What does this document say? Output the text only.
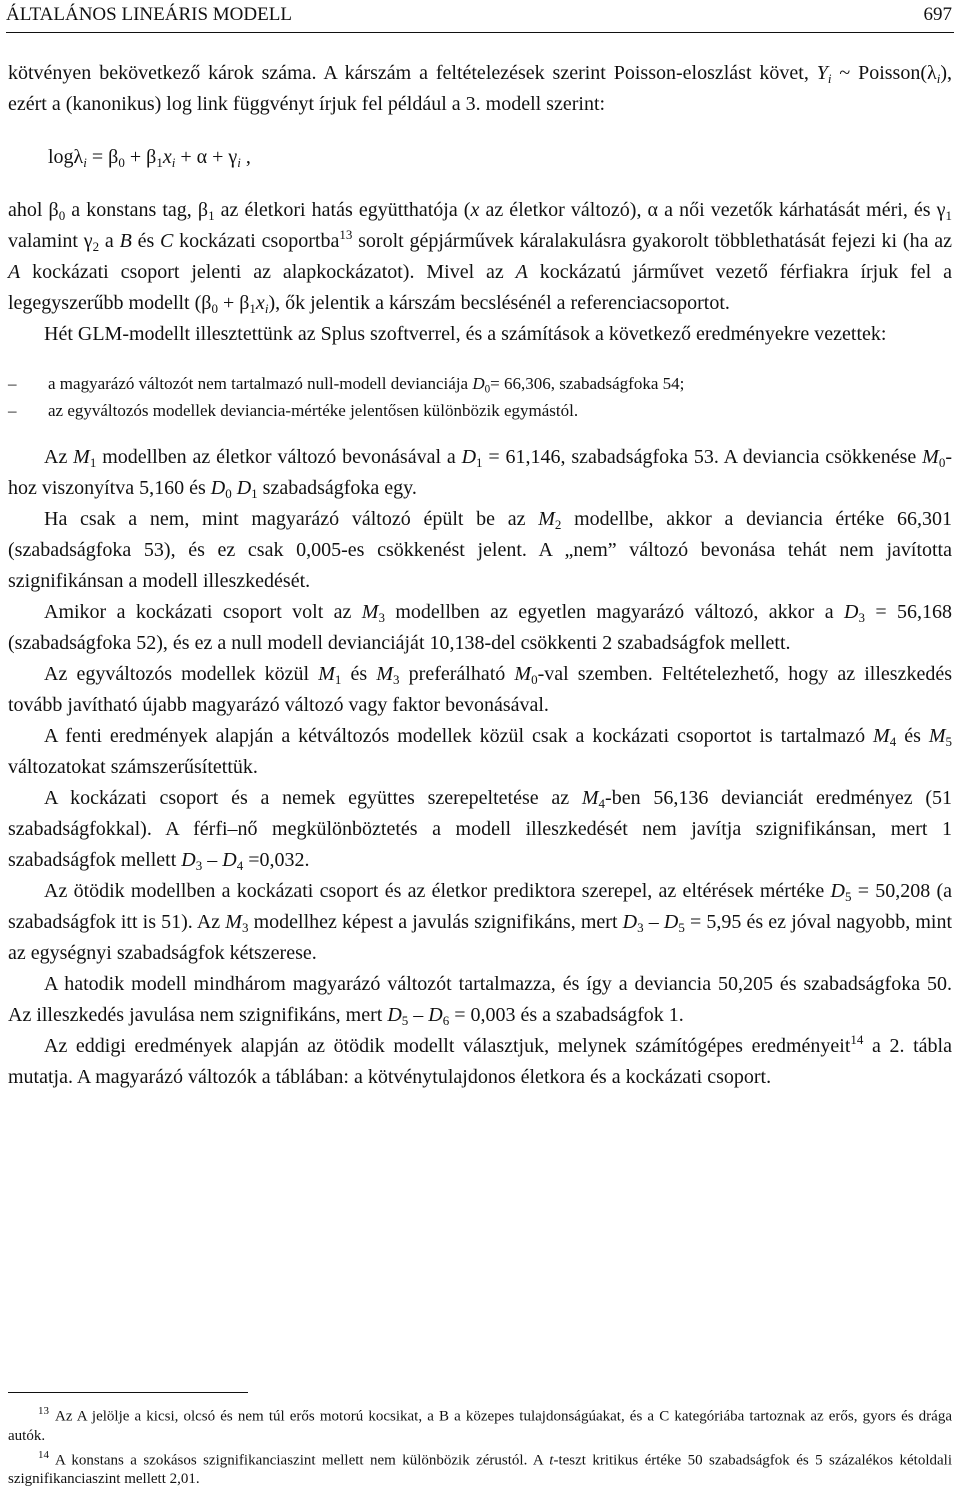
ÁLTALÁNOS LINEÁRIS MODELL	697

kötvényen bekövetkező károk száma. A kárszám a feltételezések szerint Poisson-eloszlást követ, $Y_i$ ~ $Poisson(\lambda_i)$, ezért a (kanonikus) log link függvényt írjuk fel például a 3. modell szerint:

$\log\lambda_i = \beta_0 + \beta_1x_i + \alpha + \gamma_i$ ,

ahol $\beta_0$ a konstans tag, $\beta_1$ az életkori hatás együtthatója (x az életkor változó), α a női vezetők kárhatását méri, és $\gamma_1$ valamint $\gamma_2$ a B és C kockázati csoportba$^{13}$ sorolt gépjárművek káralakulásra gyakorolt többlethatását fejezi ki (ha az A kockázati csoport jelenti az alapkockázatot). Mivel az A kockázatú járművet vezető férfiakra írjuk fel a legegyszerűbb modellt $(\beta_0 + \beta_1x_i)$, ők jelentik a kárszám becslésénél a referenciacsoportot.

Hét GLM-modellt illesztettünk az Splus szoftverrel, és a számítások a következő eredményekre vezettek:

– a magyarázó változót nem tartalmazó null-modell devianciája $D_0= 66,306$, szabadságfoka 54;
– az egyváltozós modellek deviancia-mértéke jelentősen különbözik egymástól.

Az $M_1$ modellben az életkor változó bevonásával a $D_1 = 61,146$, szabadságfoka 53. A deviancia csökkenése $M_0$-hoz viszonyítva 5,160 és $D_0$ $D_1$ szabadságfoka egy.

Ha csak a nem, mint magyarázó változó épült be az $M_2$ modellbe, akkor a deviancia értéke 66,301 (szabadságfoka 53), és ez csak 0,005-es csökkenést jelent. A „nem” változó bevonása tehát nem javította szignifikánsan a modell illeszkedését.

Amikor a kockázati csoport volt az $M_3$ modellben az egyetlen magyarázó változó, akkor a $D_3 = 56,168$ (szabadságfoka 52), és ez a null modell devianciáját 10,138-del csökkenti 2 szabadságfok mellett.

Az egyváltozós modellek közül $M_1$ és $M_3$ preferálható $M_0$-val szemben. Feltételezhető, hogy az illeszkedés tovább javítható újabb magyarázó változó vagy faktor bevonásával.

A fenti eredmények alapján a kétváltozós modellek közül csak a kockázati csoportot is tartalmazó $M_4$ és $M_5$ változatokat számszerűsítettük.

A kockázati csoport és a nemek együttes szerepeltetése az $M_4$-ben 56,136 devianciát eredményez (51 szabadságfokkal). A férfi–nő megkülönböztetés a modell illeszkedését nem javítja szignifikánsan, mert 1 szabadságfok mellett $D_3 - D_4 =0,032$.

Az ötödik modellben a kockázati csoport és az életkor prediktora szerepel, az eltérések mértéke $D_5 = 50,208$ (a szabadságfok itt is 51). Az $M_3$ modellhez képest a javulás szignifikáns, mert $D_3 - D_5 = 5,95$ és ez jóval nagyobb, mint az egységnyi szabadságfok kétszerese.

A hatodik modell mindhárom magyarázó változót tartalmazza, és így a deviancia 50,205 és szabadságfoka 50. Az illeszkedés javulása nem szignifikáns, mert $D_5 - D_6 = 0,003$ és a szabadságfok 1.

Az eddigi eredmények alapján az ötödik modellt választjuk, melynek számítógépes eredményeit$^{14}$ a 2. tábla mutatja. A magyarázó változók a táblában: a kötvénytulajdonos életkora és a kockázati csoport.

$^{13}$ Az A jelölje a kicsi, olcsó és nem túl erős motorú kocsikat, a B a közepes tulajdonságúakat, és a C kategóriába tartoznak az erős, gyors és drága autók.

$^{14}$ A konstans a szokásos szignifikanciaszint mellett nem különbözik zérustól. A t-teszt kritikus értéke 50 szabadságfok és 5 százalékos kétoldali szignifikanciaszint mellett 2,01.
